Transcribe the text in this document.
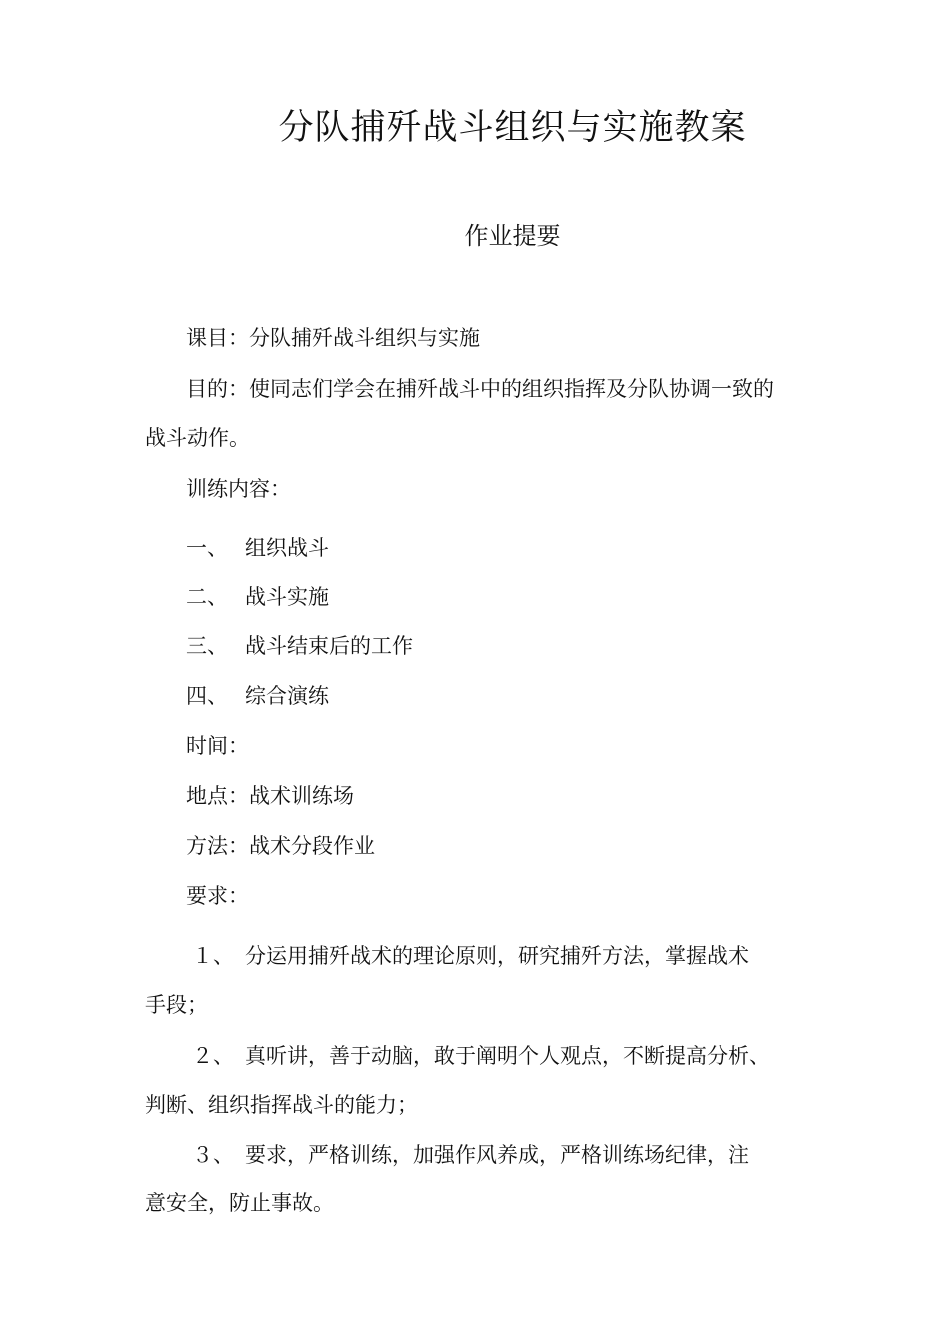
分队捕歼战斗组织与实施教案
作业提要
课目：分队捕歼战斗组织与实施
目的：使同志们学会在捕歼战斗中的组织指挥及分队协调一致的
战斗动作。
训练内容：
一、 组织战斗
二、 战斗实施
三、 战斗结束后的工作
四、 综合演练
时间：
地点：战术训练场
方法：战术分段作业
要求：
１、 分运用捕歼战术的理论原则，研究捕歼方法，掌握战术
手段；
２、 真听讲，善于动脑，敢于阐明个人观点，不断提高分析、
判断、组织指挥战斗的能力；
３、 要求，严格训练，加强作风养成，严格训练场纪律，注
意安全，防止事故。
